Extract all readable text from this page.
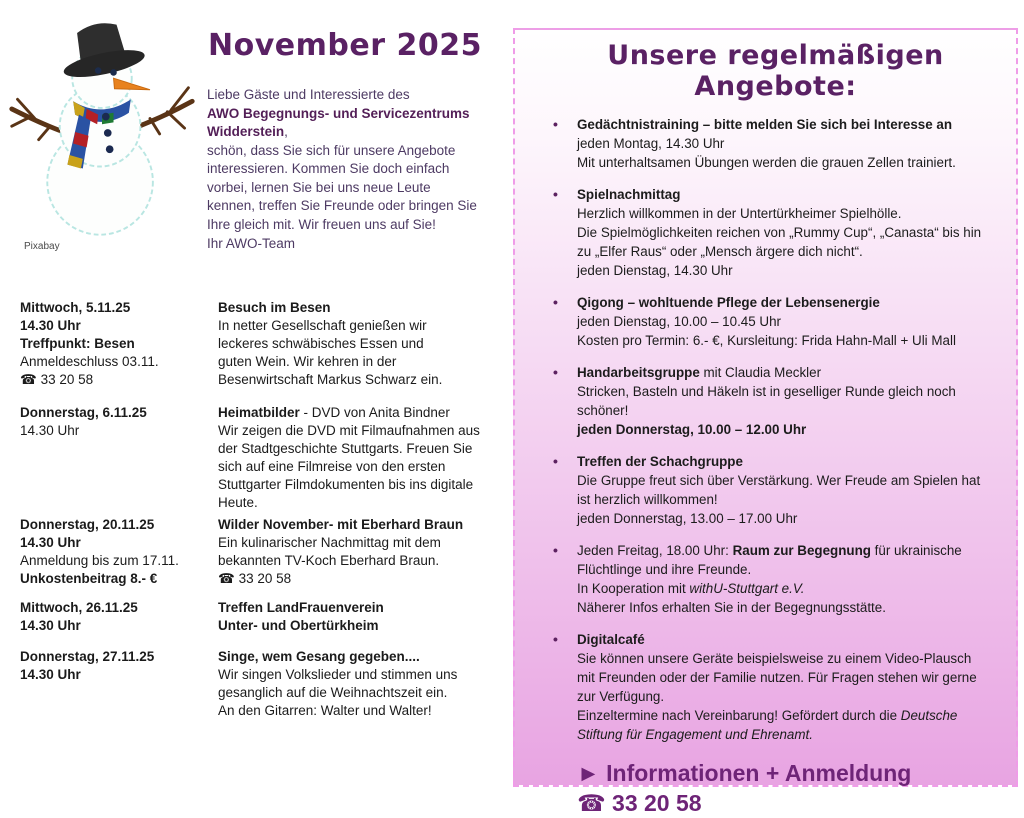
Pixabay
November 2025
Liebe Gäste und Interessierte des
AWO Begegnungs- und Servicezentrums
Widderstein,
schön, dass Sie sich für unsere Angebote
interessieren. Kommen Sie doch einfach
vorbei, lernen Sie bei uns neue Leute
kennen, treffen Sie Freunde oder bringen Sie
Ihre gleich mit. Wir freuen uns auf Sie!
Ihr AWO-Team
Mittwoch, 5.11.25
14.30 Uhr
Treffpunkt: Besen
Anmeldeschluss 03.11.
☎ 33 20 58
Besuch im Besen
In netter Gesellschaft genießen wir
leckeres schwäbisches Essen und
guten Wein. Wir kehren in der
Besenwirtschaft Markus Schwarz ein.
Donnerstag, 6.11.25
14.30 Uhr
Heimatbilder - DVD von Anita Bindner
Wir zeigen die DVD mit Filmaufnahmen aus
der Stadtgeschichte Stuttgarts. Freuen Sie
sich auf eine Filmreise von den ersten
Stuttgarter Filmdokumenten bis ins digitale
Heute.
Donnerstag, 20.11.25
14.30 Uhr
Anmeldung bis zum 17.11.
Unkostenbeitrag 8.- €
Wilder November- mit Eberhard Braun
Ein kulinarischer Nachmittag mit dem
bekannten TV-Koch Eberhard Braun.
☎ 33 20 58
Mittwoch, 26.11.25
14.30 Uhr
Treffen LandFrauenverein
Unter- und Obertürkheim
Donnerstag, 27.11.25
14.30 Uhr
Singe, wem Gesang gegeben....
Wir singen Volkslieder und stimmen uns
gesanglich auf die Weihnachtszeit ein.
An den Gitarren: Walter und Walter!
Unsere regelmäßigen Angebote:
• Gedächtnistraining – bitte melden Sie sich bei Interesse an
jeden Montag, 14.30 Uhr
Mit unterhaltsamen Übungen werden die grauen Zellen trainiert.
• Spielnachmittag
Herzlich willkommen in der Untertürkheimer Spielhölle.
Die Spielmöglichkeiten reichen von „Rummy Cup“, „Canasta“ bis hin
zu „Elfer Raus“ oder „Mensch ärgere dich nicht“.
jeden Dienstag, 14.30 Uhr
• Qigong – wohltuende Pflege der Lebensenergie
jeden Dienstag, 10.00 – 10.45 Uhr
Kosten pro Termin: 6.- €, Kursleitung: Frida Hahn-Mall + Uli Mall
• Handarbeitsgruppe mit Claudia Meckler
Stricken, Basteln und Häkeln ist in geselliger Runde gleich noch
schöner!
jeden Donnerstag, 10.00 – 12.00 Uhr
• Treffen der Schachgruppe
Die Gruppe freut sich über Verstärkung. Wer Freude am Spielen hat
ist herzlich willkommen!
jeden Donnerstag, 13.00 – 17.00 Uhr
• Jeden Freitag, 18.00 Uhr: Raum zur Begegnung für ukrainische
Flüchtlinge und ihre Freunde.
In Kooperation mit withU-Stuttgart e.V.
Näherer Infos erhalten Sie in der Begegnungsstätte.
• Digitalcafé
Sie können unsere Geräte beispielsweise zu einem Video-Plausch
mit Freunden oder der Familie nutzen. Für Fragen stehen wir gerne
zur Verfügung.
Einzeltermine nach Vereinbarung! Gefördert durch die Deutsche
Stiftung für Engagement und Ehrenamt.
► Informationen + Anmeldung
☎ 33 20 58
